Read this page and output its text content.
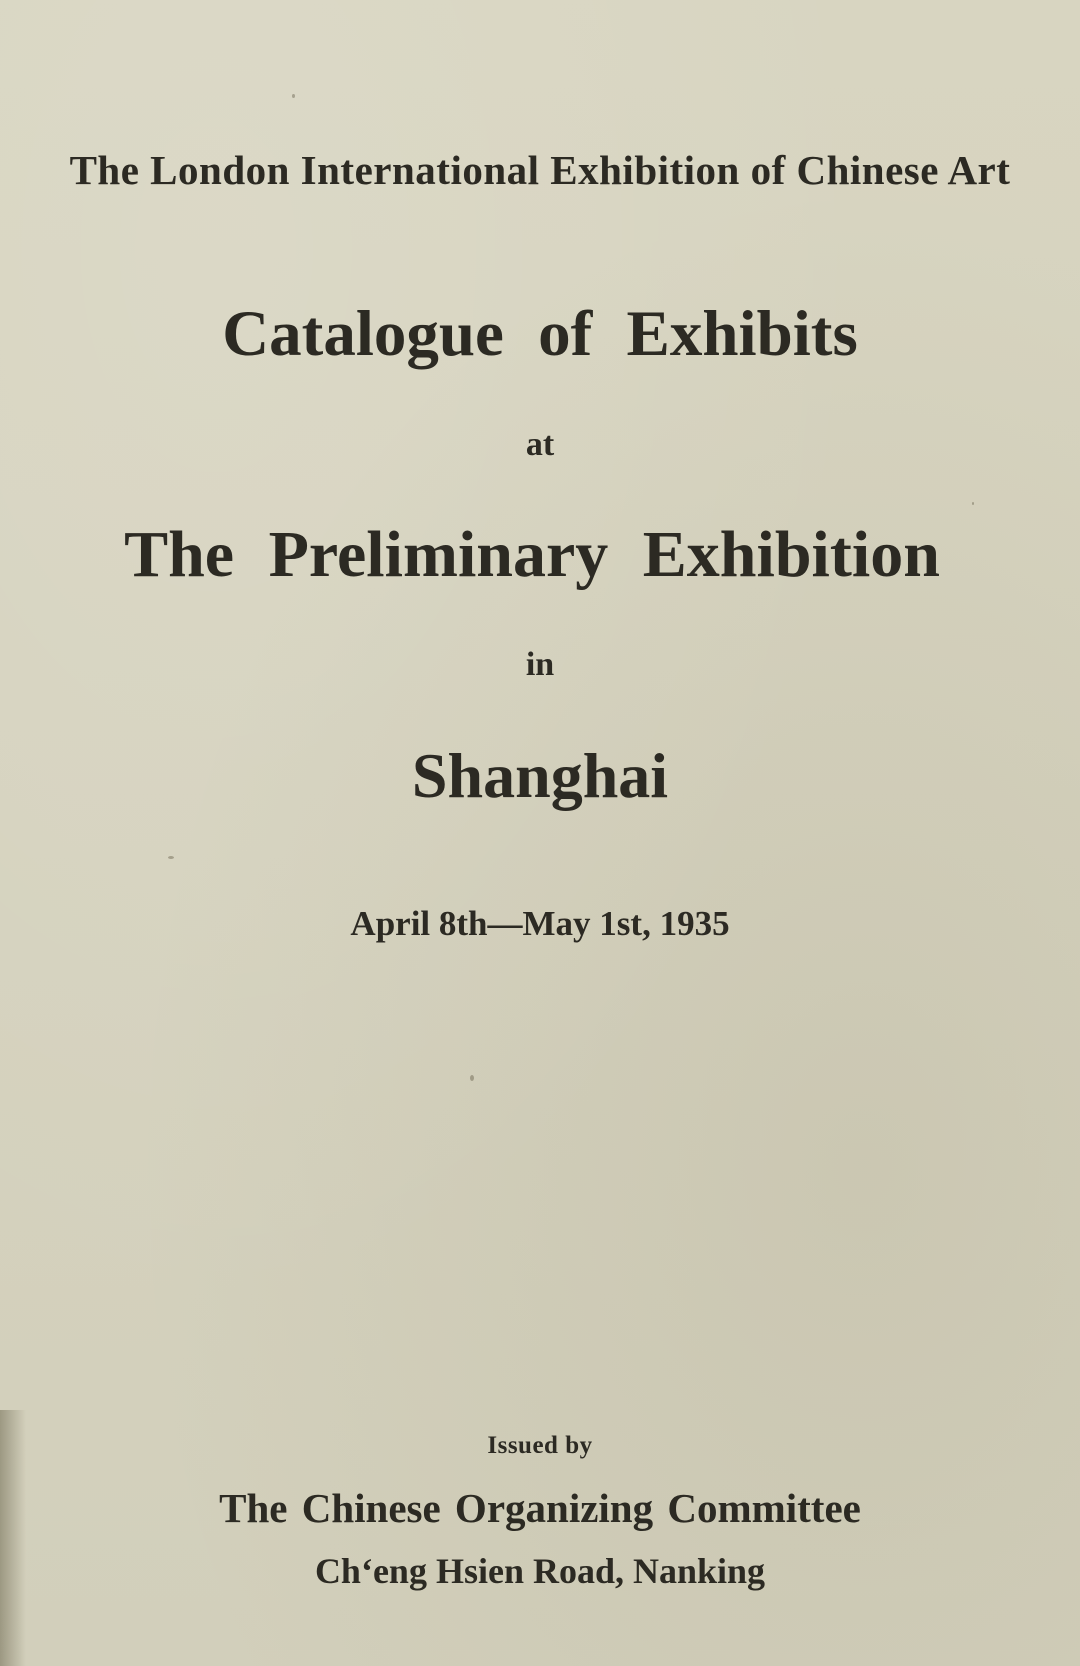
The London International Exhibition of Chinese Art
Catalogue of Exhibits
at
The Preliminary Exhibition
in
Shanghai
April 8th—May 1st, 1935
Issued by
The Chinese Organizing Committee
Ch‘eng Hsien Road, Nanking
